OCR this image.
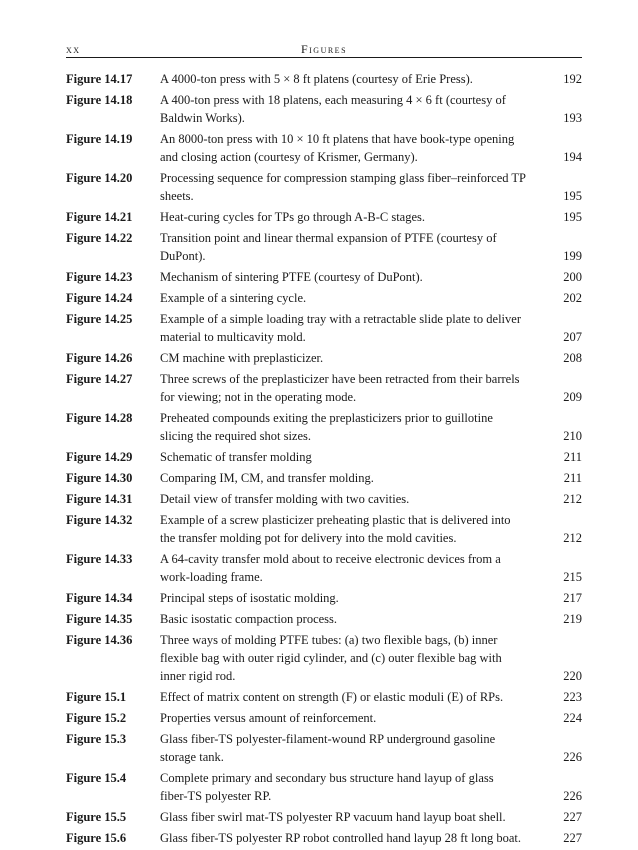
xx	Figures
Figure 14.17	A 4000-ton press with 5 × 8 ft platens (courtesy of Erie Press).	192
Figure 14.18	A 400-ton press with 18 platens, each measuring 4 × 6 ft (courtesy of
Baldwin Works).	193
Figure 14.19	An 8000-ton press with 10 × 10 ft platens that have book-type opening
and closing action (courtesy of Krismer, Germany).	194
Figure 14.20	Processing sequence for compression stamping glass fiber–reinforced TP
sheets.	195
Figure 14.21	Heat-curing cycles for TPs go through A-B-C stages.	195
Figure 14.22	Transition point and linear thermal expansion of PTFE (courtesy of
DuPont).	199
Figure 14.23	Mechanism of sintering PTFE (courtesy of DuPont).	200
Figure 14.24	Example of a sintering cycle.	202
Figure 14.25	Example of a simple loading tray with a retractable slide plate to deliver
material to multicavity mold.	207
Figure 14.26	CM machine with preplasticizer.	208
Figure 14.27	Three screws of the preplasticizer have been retracted from their barrels
for viewing; not in the operating mode.	209
Figure 14.28	Preheated compounds exiting the preplasticizers prior to guillotine
slicing the required shot sizes.	210
Figure 14.29	Schematic of transfer molding	211
Figure 14.30	Comparing IM, CM, and transfer molding.	211
Figure 14.31	Detail view of transfer molding with two cavities.	212
Figure 14.32	Example of a screw plasticizer preheating plastic that is delivered into
the transfer molding pot for delivery into the mold cavities.	212
Figure 14.33	A 64-cavity transfer mold about to receive electronic devices from a
work-loading frame.	215
Figure 14.34	Principal steps of isostatic molding.	217
Figure 14.35	Basic isostatic compaction process.	219
Figure 14.36	Three ways of molding PTFE tubes: (a) two flexible bags, (b) inner
flexible bag with outer rigid cylinder, and (c) outer flexible bag with
inner rigid rod.	220
Figure 15.1	Effect of matrix content on strength (F) or elastic moduli (E) of RPs.	223
Figure 15.2	Properties versus amount of reinforcement.	224
Figure 15.3	Glass fiber-TS polyester-filament-wound RP underground gasoline
storage tank.	226
Figure 15.4	Complete primary and secondary bus structure hand layup of glass
fiber-TS polyester RP.	226
Figure 15.5	Glass fiber swirl mat-TS polyester RP vacuum hand layup boat shell.	227
Figure 15.6	Glass fiber-TS polyester RP robot controlled hand layup 28 ft long boat.	227
